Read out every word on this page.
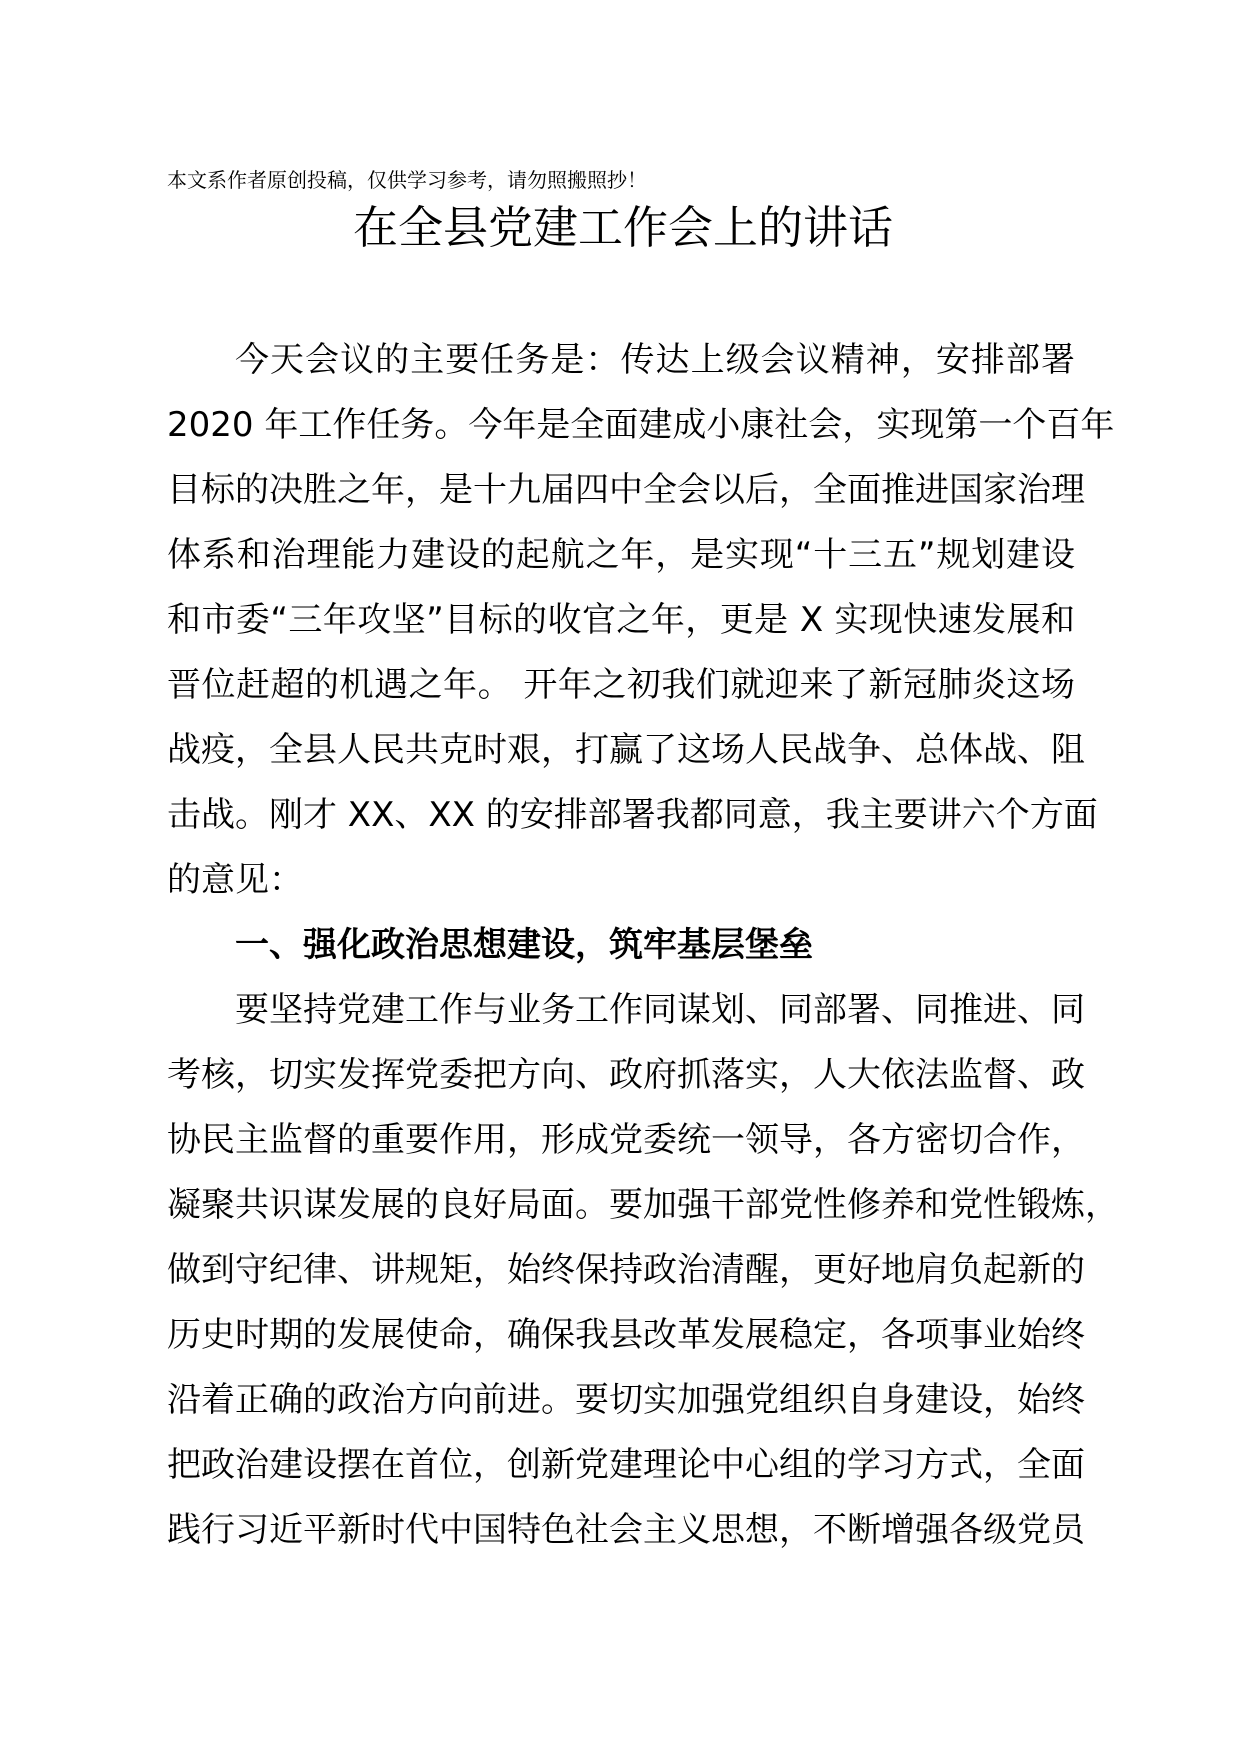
本文系作者原创投稿，仅供学习参考，请勿照搬照抄！
在全县党建工作会上的讲话
今天会议的主要任务是：传达上级会议精神，安排部署
2020 年工作任务。今年是全面建成小康社会，实现第一个百年
目标的决胜之年，是十九届四中全会以后，全面推进国家治理
体系和治理能力建设的起航之年，是实现“十三五”规划建设
和市委“三年攻坚”目标的收官之年，更是 X 实现快速发展和
晋位赶超的机遇之年。 开年之初我们就迎来了新冠肺炎这场
战疫，全县人民共克时艰，打赢了这场人民战争、总体战、阻
击战。刚才 XX、XX 的安排部署我都同意，我主要讲六个方面
的意见：
一、强化政治思想建设，筑牢基层堡垒
要坚持党建工作与业务工作同谋划、同部署、同推进、同
考核，切实发挥党委把方向、政府抓落实，人大依法监督、政
协民主监督的重要作用，形成党委统一领导，各方密切合作，
凝聚共识谋发展的良好局面。要加强干部党性修养和党性锻炼，
做到守纪律、讲规矩，始终保持政治清醒，更好地肩负起新的
历史时期的发展使命，确保我县改革发展稳定，各项事业始终
沿着正确的政治方向前进。要切实加强党组织自身建设，始终
把政治建设摆在首位，创新党建理论中心组的学习方式，全面
践行习近平新时代中国特色社会主义思想，不断增强各级党员
